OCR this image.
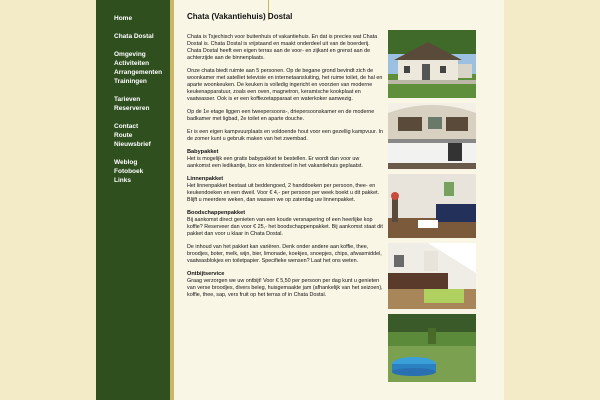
Home
Chata Dostal
Omgeving
Activiteiten
Arrangementen
Trainingen
Tarieven
Reserveren
Contact
Route
Nieuwsbrief
Weblog
Fotoboek
Links
Chata (Vakantiehuis) Dostal

Chata is Tsjechisch voor buitenhuis of vakantiehuis. En dat is precies wat Chata Dostal is. Chata Dostal is vrijstaand en maakt onderdeel uit van de boerderij. Chata Dostal heeft een eigen terras aan de voor- en zijkant en grenst aan de achterzijde aan de binnenplaats.

Onze chata biedt ruimte aan 5 personen. Op de begane grond bevindt zich de woonkamer met satelliet televisie en internetaansluiting, het ruime toilet, de hal en aparte woonkeuken. De keuken is volledig ingericht en voorzien van moderne keukenapparatuur, zoals een oven, magnetron, keramische kookplaat en vaatwasser. Ook is er een koffiezetapparaat en waterkoker aanwezig.

Op de 1e etage liggen een tweepersoons-, driepersoonskamer en de moderne badkamer met ligbad, 2e toilet en aparte douche.

Er is een eigen kampvuurplaats en voldoende hout voor een gezellig kampvuur. In de zomer kunt u gebruik maken van het zwembad.

Babypakket

Het is mogelijk een gratis babypakket te bestellen. Er wordt dan voor uw aankomst een ledikantje, box en kinderstoel in het vakantiehuis geplaatst.

Linnenpakket

Het linnenpakket bestaat uit beddengoed, 2 handdoeken per persoon, thee- en keukendoeken en een dweil. Voor € 4,- per persoon per week boekt u dit pakket. Blijft u meerdere weken, dan wassen we op zaterdag uw linnenpakket.

Boodschappenpakket

Bij aankomst direct genieten van een koude versnapering of een heerlijke kop koffie? Reserveer dan voor € 25,- het boodschappenpakket. Bij aankomst staat dit pakket dan voor u klaar in Chata Dostal.

De inhoud van het pakket kan variëren. Denk onder andere aan koffie, thee, broodjes, boter, melk, wijn, bier, limonade, koekjes, snoepjes, chips, afwasmiddel, vaatwasblokjes en toiletpapier. Specifieke wensen? Laat het ons weten.

Ontbijtservice

Graag verzorgen we uw ontbijt! Voor € 5,50 per persoon per dag kunt u genieten van verse broodjes, divers beleg, huisgemaakte jam (afhankelijk van het seizoen), koffie, thee, sap, vers fruit op het terras of in Chata Dostal.
